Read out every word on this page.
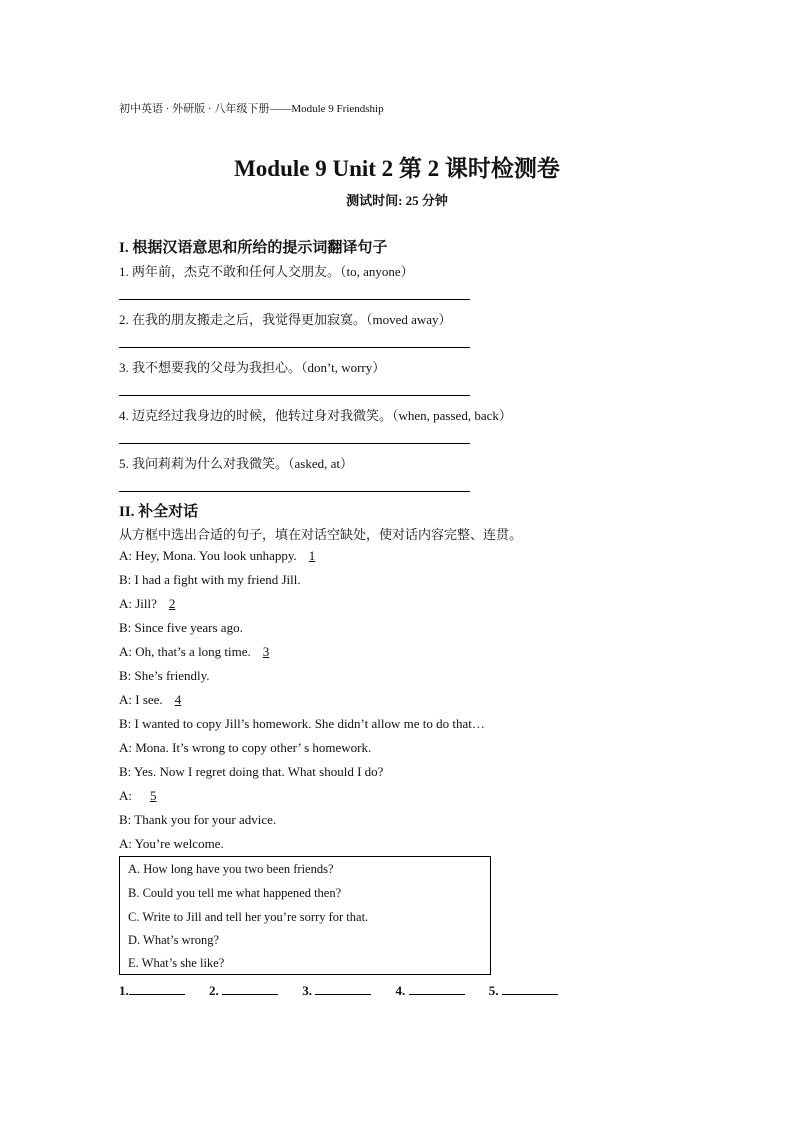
初中英语 · 外研版 · 八年级下册——Module 9 Friendship
Module 9 Unit 2 第 2 课时检测卷
测试时间: 25 分钟
I. 根据汉语意思和所给的提示词翻译句子
1. 两年前，杰克不敢和任何人交朋友。（to, anyone）
2. 在我的朋友搬走之后，我觉得更加寂寞。（moved away）
3. 我不想要我的父母为我担心。（don’t, worry）
4. 迈克经过我身边的时候，他转过身对我微笑。（when, passed, back）
5. 我问莉莉为什么对我微笑。（asked, at）
II. 补全对话
从方框中选出合适的句子，填在对话空缺处，使对话内容完整、连贯。
A: Hey, Mona. You look unhappy. 1
B: I had a fight with my friend Jill.
A: Jill? 2
B: Since five years ago.
A: Oh, that’s a long time. 3
B: She’s friendly.
A: I see. 4
B: I wanted to copy Jill’s homework. She didn’t allow me to do that…
A: Mona. It’s wrong to copy other’ s homework.
B: Yes. Now I regret doing that. What should I do?
A: 5
B: Thank you for your advice.
A: You’re welcome.
A. How long have you two been friends?
B. Could you tell me what happened then?
C. Write to Jill and tell her you’re sorry for that.
D. What’s wrong?
E. What’s she like?
1.	2.	3.	4.	5.
